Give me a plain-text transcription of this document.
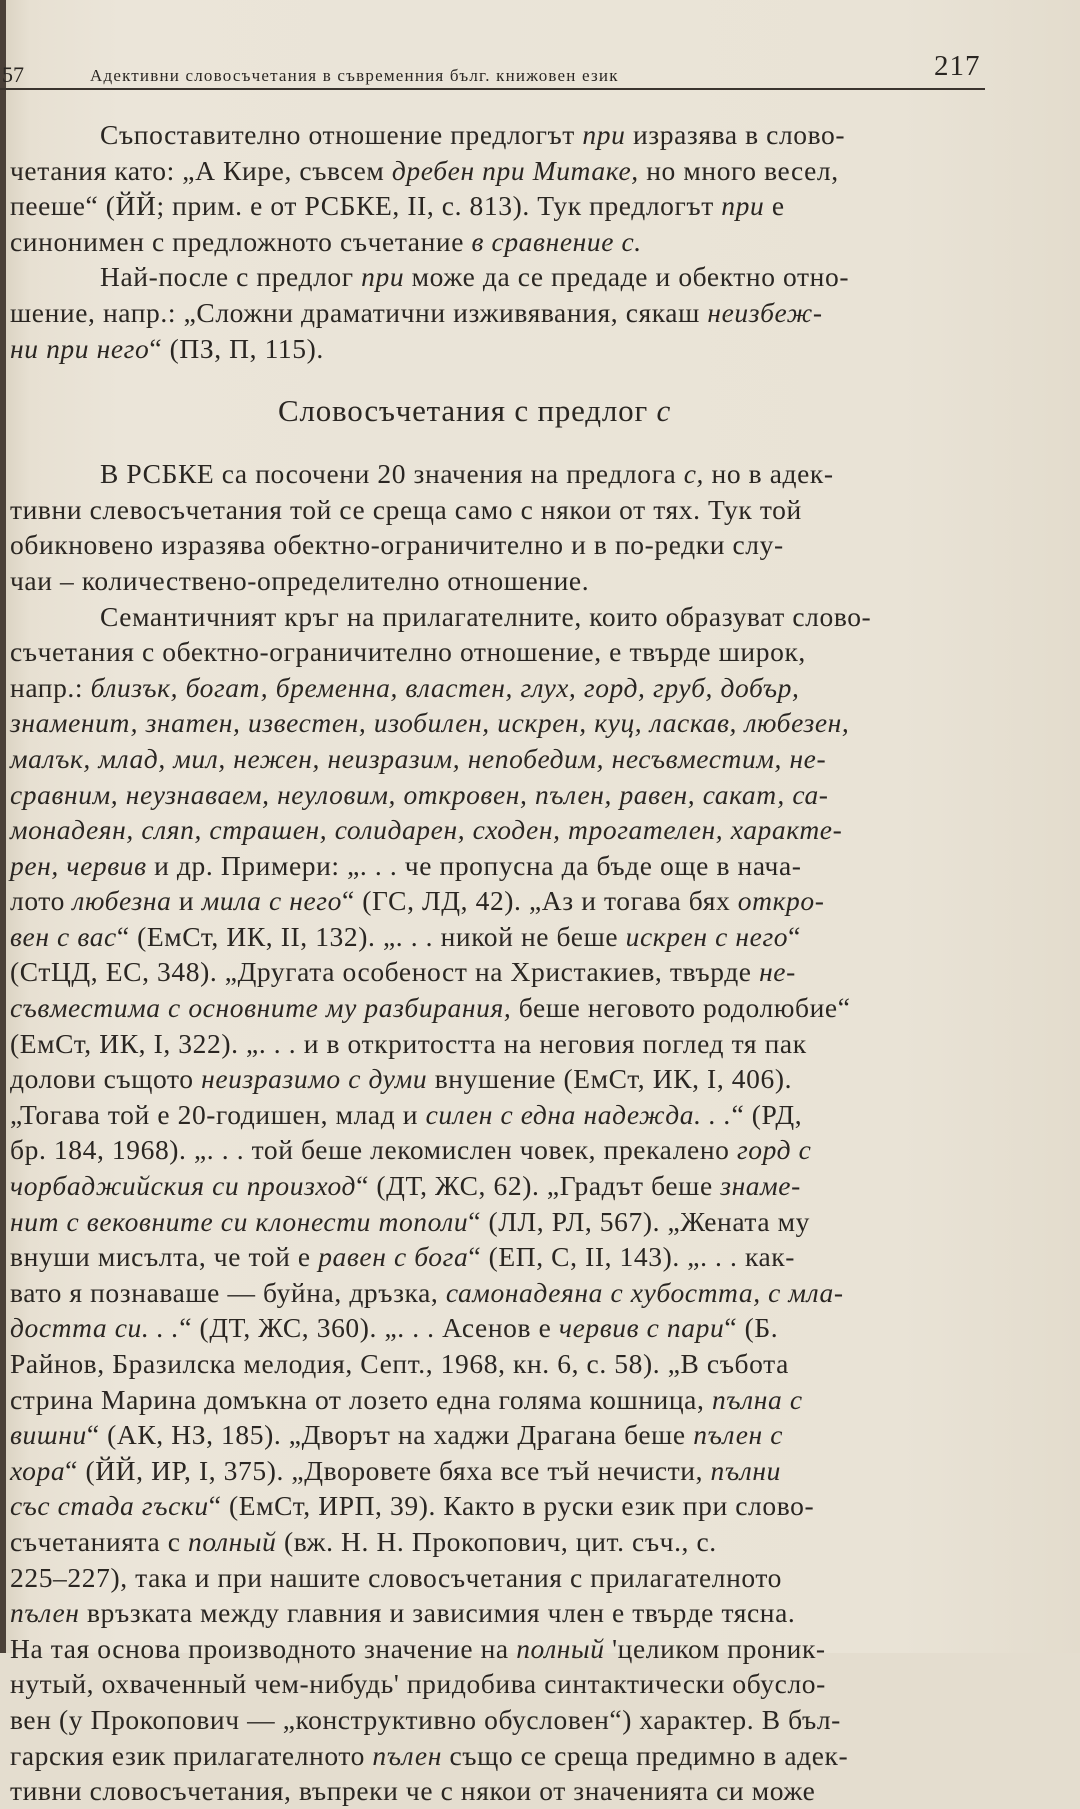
57	Адективни словосъчетания в съвременния бълг. книжовен език	217
Съпоставително отношение предлогът при изразява в слово-
четания като: „А Кире, съвсем дребен при Митаке, но много весел,
пееше“ (ЙЙ; прим. е от РСБКЕ, II, с. 813). Тук предлогът при е
синонимен с предложното съчетание в сравнение с.
Най-после с предлог при може да се предаде и обектно отно-
шение, напр.: „Сложни драматични изживявания, сякаш неизбеж-
ни при него“ (ПЗ, П, 115).
Словосъчетания с предлог с
В РСБКЕ са посочени 20 значения на предлога с, но в адек-
тивни слевосъчетания той се среща само с някои от тях. Тук той
обикновено изразява обектно-ограничително и в по-редки слу-
чаи – количествено-определително отношение.
Семантичният кръг на прилагателните, които образуват слово-
съчетания с обектно-ограничително отношение, е твърде широк,
напр.: близък, богат, бременна, властен, глух, горд, груб, добър,
знаменит, знатен, известен, изобилен, искрен, куц, ласкав, любезен,
малък, млад, мил, нежен, неизразим, непобедим, несъвместим, не-
сравним, неузнаваем, неуловим, откровен, пълен, равен, сакат, са-
монадеян, сляп, страшен, солидарен, сходен, трогателен, характе-
рен, червив и др. Примери: „. . . че пропусна да бъде още в нача-
лото любезна и мила с него“ (ГС, ЛД, 42). „Аз и тогава бях откро-
вен с вас“ (ЕмСт, ИК, II, 132). „. . . никой не беше искрен с него“
(СтЦД, ЕС, 348). „Другата особеност на Христакиев, твърде не-
съвместима с основните му разбирания, беше неговото родолюбие“
(ЕмСт, ИК, I, 322). „. . . и в откритостта на неговия поглед тя пак
долови същото неизразимо с думи внушение (ЕмСт, ИК, I, 406).
„Тогава той е 20-годишен, млад и силен с една надежда. . .“ (РД,
бр. 184, 1968). „. . . той беше лекомислен човек, прекалено горд с
чорбаджийския си произход“ (ДТ, ЖС, 62). „Градът беше знаме-
нит с вековните си клонести тополи“ (ЛЛ, РЛ, 567). „Жената му
внуши мисълта, че той е равен с бога“ (ЕП, С, II, 143). „. . . как-
вато я познаваше — буйна, дръзка, самонадеяна с хубостта, с мла-
достта си. . .“ (ДТ, ЖС, 360). „. . . Асенов е червив с пари“ (Б.
Райнов, Бразилска мелодия, Септ., 1968, кн. 6, с. 58). „В събота
стрина Марина домъкна от лозето една голяма кошница, пълна с
вишни“ (АК, НЗ, 185). „Дворът на хаджи Драгана беше пълен с
хора“ (ЙЙ, ИР, I, 375). „Дворовете бяха все тъй нечисти, пълни
със стада гъски“ (ЕмСт, ИРП, 39). Както в руски език при слово-
съчетанията с полный (вж. Н. Н. Прокопович, цит. съч., с.
225–227), така и при нашите словосъчетания с прилагателното
пълен връзката между главния и зависимия член е твърде тясна.
На тая основа производното значение на полный 'целиком проник-
нутый, охваченный чем-нибудь' придобива синтактически обусло-
вен (у Прокопович — „конструктивно обусловен“) характер. В бъл-
гарския език прилагателното пълен също се среща предимно в адек-
тивни словосъчетания, въпреки че с някои от значенията си може
